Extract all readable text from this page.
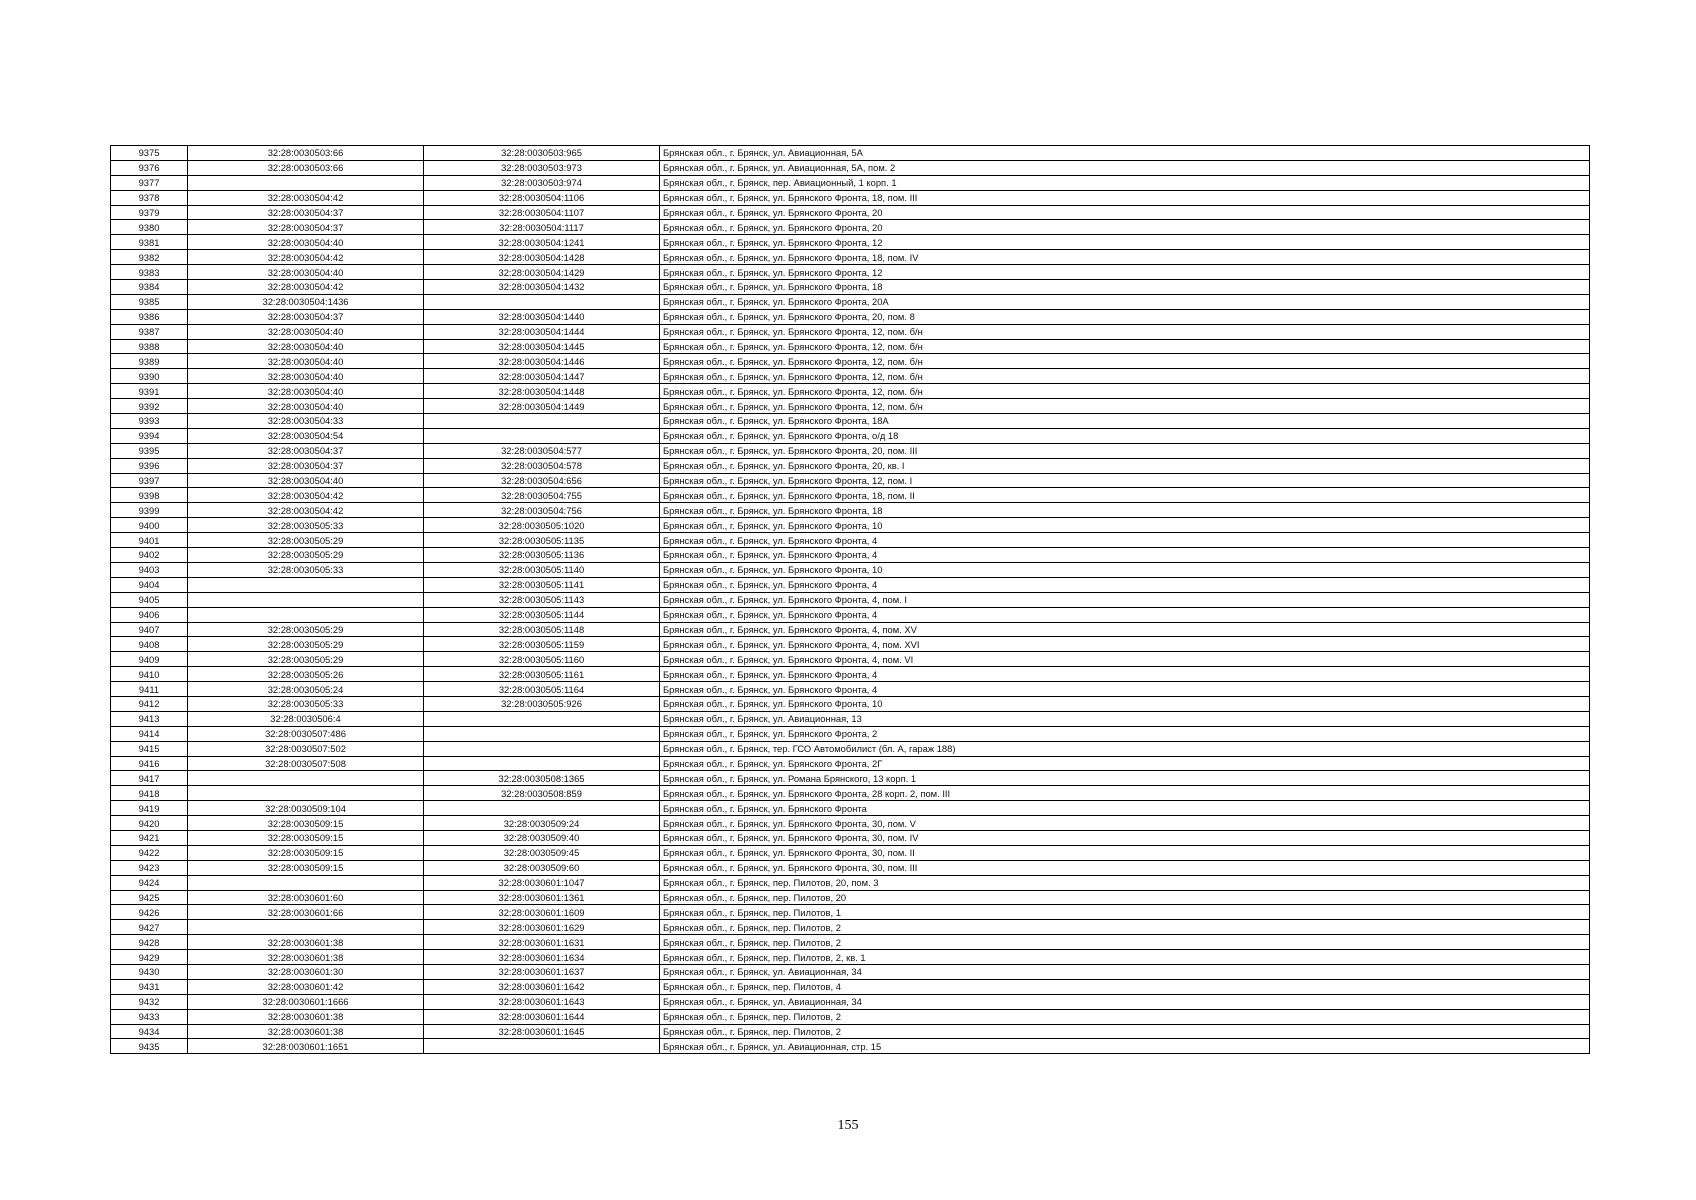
9375	32:28:0030503:66	32:28:0030503:965	Брянская обл., г. Брянск, ул. Авиационная, 5А
9376	32:28:0030503:66	32:28:0030503:973	Брянская обл., г. Брянск, ул. Авиационная, 5А, пом. 2
9377		32:28:0030503:974	Брянская обл., г. Брянск, пер. Авиационный, 1 корп. 1
9378	32:28:0030504:42	32:28:0030504:1106	Брянская обл., г. Брянск, ул. Брянского Фронта, 18, пом. III
9379	32:28:0030504:37	32:28:0030504:1107	Брянская обл., г. Брянск, ул. Брянского Фронта, 20
9380	32:28:0030504:37	32:28:0030504:1117	Брянская обл., г. Брянск, ул. Брянского Фронта, 20
9381	32:28:0030504:40	32:28:0030504:1241	Брянская обл., г. Брянск, ул. Брянского Фронта, 12
9382	32:28:0030504:42	32:28:0030504:1428	Брянская обл., г. Брянск, ул. Брянского Фронта, 18, пом. IV
9383	32:28:0030504:40	32:28:0030504:1429	Брянская обл., г. Брянск, ул. Брянского Фронта, 12
9384	32:28:0030504:42	32:28:0030504:1432	Брянская обл., г. Брянск, ул. Брянского Фронта, 18
9385	32:28:0030504:1436		Брянская обл., г. Брянск, ул. Брянского Фронта, 20А
9386	32:28:0030504:37	32:28:0030504:1440	Брянская обл., г. Брянск, ул. Брянского Фронта, 20, пом. 8
9387	32:28:0030504:40	32:28:0030504:1444	Брянская обл., г. Брянск, ул. Брянского Фронта, 12, пом. б/н
9388	32:28:0030504:40	32:28:0030504:1445	Брянская обл., г. Брянск, ул. Брянского Фронта, 12, пом. б/н
9389	32:28:0030504:40	32:28:0030504:1446	Брянская обл., г. Брянск, ул. Брянского Фронта, 12, пом. б/н
9390	32:28:0030504:40	32:28:0030504:1447	Брянская обл., г. Брянск, ул. Брянского Фронта, 12, пом. б/н
9391	32:28:0030504:40	32:28:0030504:1448	Брянская обл., г. Брянск, ул. Брянского Фронта, 12, пом. б/н
9392	32:28:0030504:40	32:28:0030504:1449	Брянская обл., г. Брянск, ул. Брянского Фронта, 12, пом. б/н
9393	32:28:0030504:33		Брянская обл., г. Брянск, ул. Брянского Фронта, 18А
9394	32:28:0030504:54		Брянская обл., г. Брянск, ул. Брянского Фронта, о/д 18
9395	32:28:0030504:37	32:28:0030504:577	Брянская обл., г. Брянск, ул. Брянского Фронта, 20, пом. III
9396	32:28:0030504:37	32:28:0030504:578	Брянская обл., г. Брянск, ул. Брянского Фронта, 20, кв. I
9397	32:28:0030504:40	32:28:0030504:656	Брянская обл., г. Брянск, ул. Брянского Фронта, 12, пом. I
9398	32:28:0030504:42	32:28:0030504:755	Брянская обл., г. Брянск, ул. Брянского Фронта, 18, пом. II
9399	32:28:0030504:42	32:28:0030504:756	Брянская обл., г. Брянск, ул. Брянского Фронта, 18
9400	32:28:0030505:33	32:28:0030505:1020	Брянская обл., г. Брянск, ул. Брянского Фронта, 10
9401	32:28:0030505:29	32:28:0030505:1135	Брянская обл., г. Брянск, ул. Брянского Фронта, 4
9402	32:28:0030505:29	32:28:0030505:1136	Брянская обл., г. Брянск, ул. Брянского Фронта, 4
9403	32:28:0030505:33	32:28:0030505:1140	Брянская обл., г. Брянск, ул. Брянского Фронта, 10
9404		32:28:0030505:1141	Брянская обл., г. Брянск, ул. Брянского Фронта, 4
9405		32:28:0030505:1143	Брянская обл., г. Брянск, ул. Брянского Фронта, 4, пом. I
9406		32:28:0030505:1144	Брянская обл., г. Брянск, ул. Брянского Фронта, 4
9407	32:28:0030505:29	32:28:0030505:1148	Брянская обл., г. Брянск, ул. Брянского Фронта, 4, пом. XV
9408	32:28:0030505:29	32:28:0030505:1159	Брянская обл., г. Брянск, ул. Брянского Фронта, 4, пом. XVI
9409	32:28:0030505:29	32:28:0030505:1160	Брянская обл., г. Брянск, ул. Брянского Фронта, 4, пом. VI
9410	32:28:0030505:26	32:28:0030505:1161	Брянская обл., г. Брянск, ул. Брянского Фронта, 4
9411	32:28:0030505:24	32:28:0030505:1164	Брянская обл., г. Брянск, ул. Брянского Фронта, 4
9412	32:28:0030505:33	32:28:0030505:926	Брянская обл., г. Брянск, ул. Брянского Фронта, 10
9413	32:28:0030506:4		Брянская обл., г. Брянск, ул. Авиационная, 13
9414	32:28:0030507:486		Брянская обл., г. Брянск, ул. Брянского Фронта, 2
9415	32:28:0030507:502		Брянская обл., г. Брянск, тер. ГСО Автомобилист (бл. А, гараж 188)
9416	32:28:0030507:508		Брянская обл., г. Брянск, ул. Брянского Фронта, 2Г
9417		32:28:0030508:1365	Брянская обл., г. Брянск, ул. Романа Брянского, 13 корп. 1
9418		32:28:0030508:859	Брянская обл., г. Брянск, ул. Брянского Фронта, 28 корп. 2, пом. III
9419	32:28:0030509:104		Брянская обл., г. Брянск, ул. Брянского Фронта
9420	32:28:0030509:15	32:28:0030509:24	Брянская обл., г. Брянск, ул. Брянского Фронта, 30, пом. V
9421	32:28:0030509:15	32:28:0030509:40	Брянская обл., г. Брянск, ул. Брянского Фронта, 30, пом. IV
9422	32:28:0030509:15	32:28:0030509:45	Брянская обл., г. Брянск, ул. Брянского Фронта, 30, пом. II
9423	32:28:0030509:15	32:28:0030509:60	Брянская обл., г. Брянск, ул. Брянского Фронта, 30, пом. III
9424		32:28:0030601:1047	Брянская обл., г. Брянск, пер. Пилотов, 20, пом. 3
9425	32:28:0030601:60	32:28:0030601:1361	Брянская обл., г. Брянск, пер. Пилотов, 20
9426	32:28:0030601:66	32:28:0030601:1609	Брянская обл., г. Брянск, пер. Пилотов, 1
9427		32:28:0030601:1629	Брянская обл., г. Брянск, пер. Пилотов, 2
9428	32:28:0030601:38	32:28:0030601:1631	Брянская обл., г. Брянск, пер. Пилотов, 2
9429	32:28:0030601:38	32:28:0030601:1634	Брянская обл., г. Брянск, пер. Пилотов, 2, кв. 1
9430	32:28:0030601:30	32:28:0030601:1637	Брянская обл., г. Брянск, ул. Авиационная, 34
9431	32:28:0030601:42	32:28:0030601:1642	Брянская обл., г. Брянск, пер. Пилотов, 4
9432	32:28:0030601:1666	32:28:0030601:1643	Брянская обл., г. Брянск, ул. Авиационная, 34
9433	32:28:0030601:38	32:28:0030601:1644	Брянская обл., г. Брянск, пер. Пилотов, 2
9434	32:28:0030601:38	32:28:0030601:1645	Брянская обл., г. Брянск, пер. Пилотов, 2
9435	32:28:0030601:1651		Брянская обл., г. Брянск, ул. Авиационная, стр. 15
155
